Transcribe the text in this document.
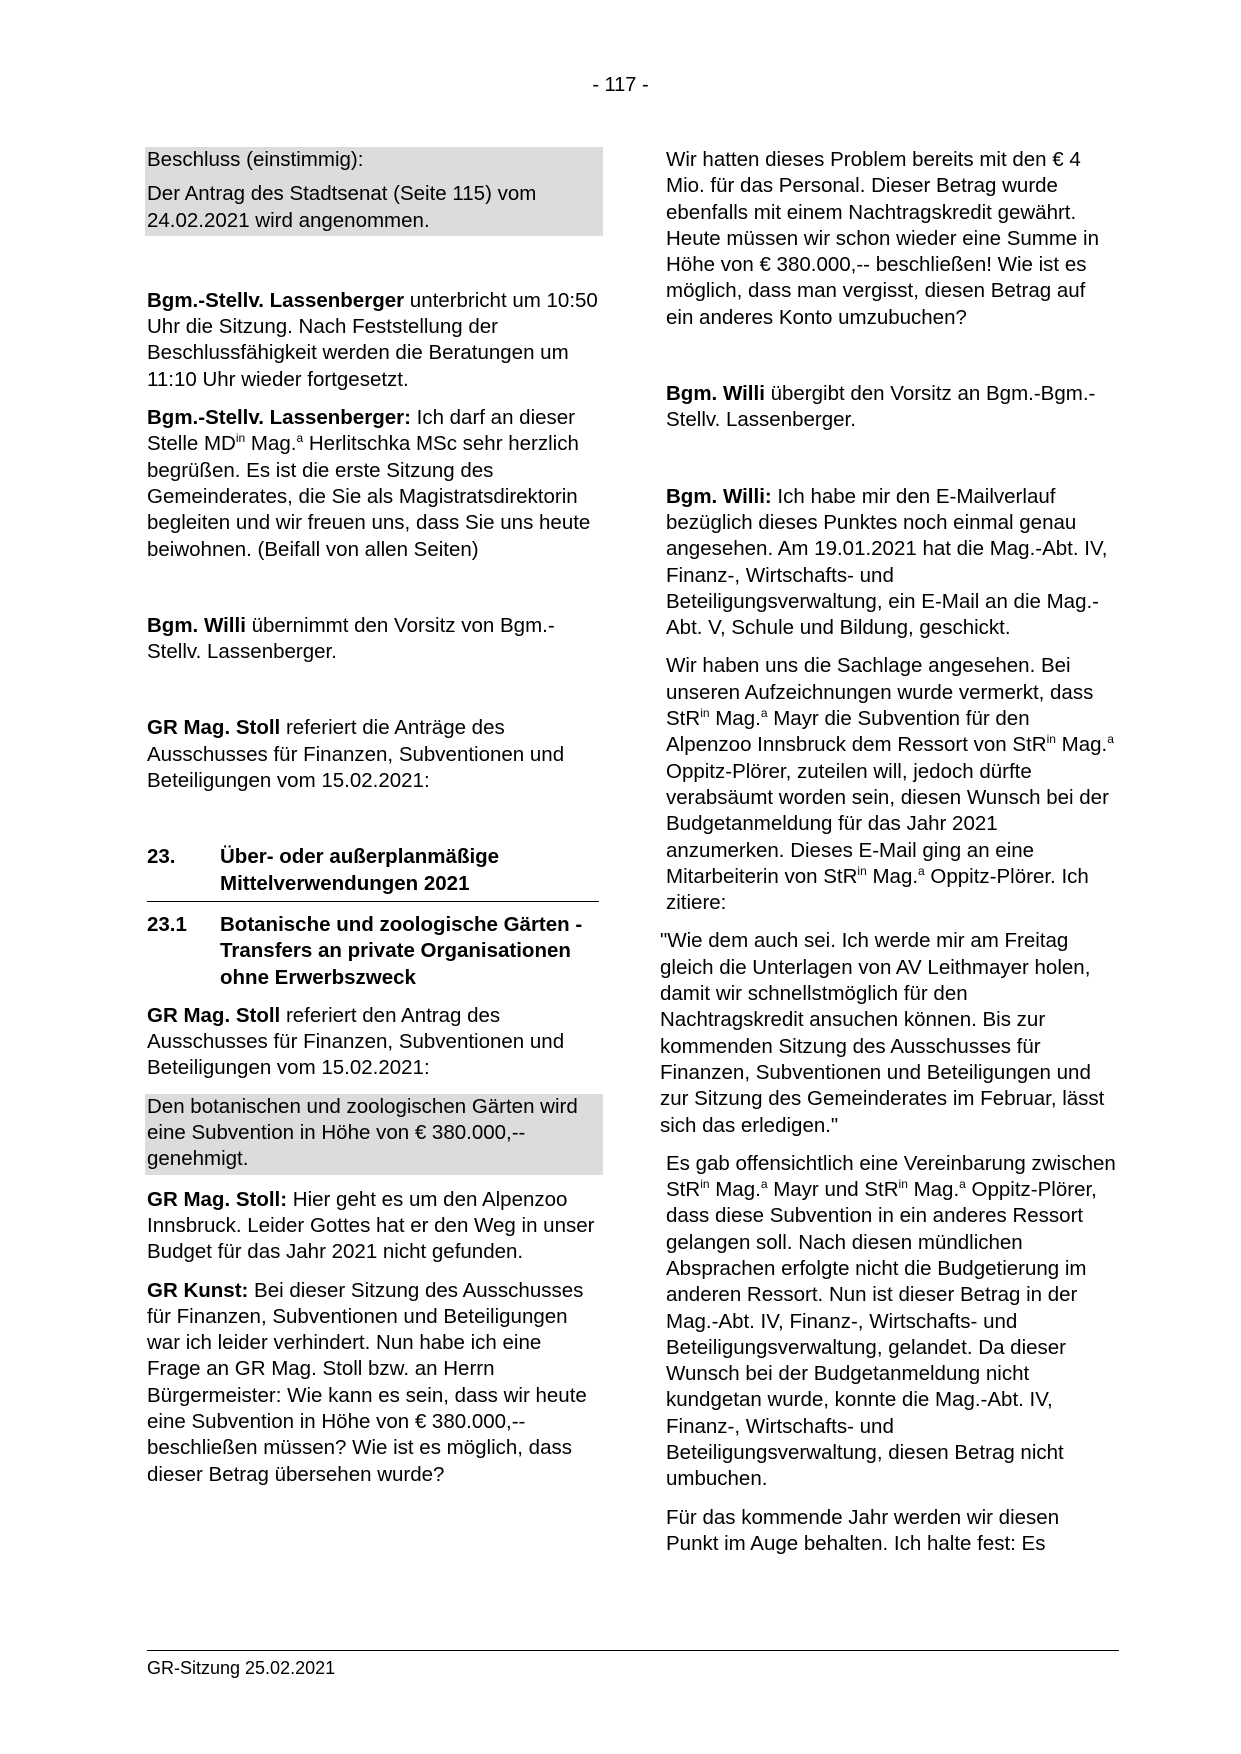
- 117 -
Beschluss (einstimmig):
Der Antrag des Stadtsenat (Seite 115) vom 24.02.2021 wird angenommen.
Bgm.-Stellv. Lassenberger unterbricht um 10:50 Uhr die Sitzung. Nach Feststellung der Beschlussfähigkeit werden die Beratungen um 11:10 Uhr wieder fortgesetzt.
Bgm.-Stellv. Lassenberger: Ich darf an dieser Stelle $MD^{in}$ Mag.$^a$ Herlitschka MSc sehr herzlich begrüßen. Es ist die erste Sitzung des Gemeinderates, die Sie als Magistratsdirektorin begleiten und wir freuen uns, dass Sie uns heute beiwohnen. (Beifall von allen Seiten)
Bgm. Willi übernimmt den Vorsitz von Bgm.-Stellv. Lassenberger.
GR Mag. Stoll referiert die Anträge des Ausschusses für Finanzen, Subventionen und Beteiligungen vom 15.02.2021:
23.	Über- oder außerplanmäßige Mittelverwendungen 2021
23.1	Botanische und zoologische Gärten - Transfers an private Organisationen ohne Erwerbszweck
GR Mag. Stoll referiert den Antrag des Ausschusses für Finanzen, Subventionen und Beteiligungen vom 15.02.2021:
Den botanischen und zoologischen Gärten wird eine Subvention in Höhe von € 380.000,-- genehmigt.
GR Mag. Stoll: Hier geht es um den Alpenzoo Innsbruck. Leider Gottes hat er den Weg in unser Budget für das Jahr 2021 nicht gefunden.
GR Kunst: Bei dieser Sitzung des Ausschusses für Finanzen, Subventionen und Beteiligungen war ich leider verhindert. Nun habe ich eine Frage an GR Mag. Stoll bzw. an Herrn Bürgermeister: Wie kann es sein, dass wir heute eine Subvention in Höhe von € 380.000,-- beschließen müssen? Wie ist es möglich, dass dieser Betrag übersehen wurde?
Wir hatten dieses Problem bereits mit den € 4 Mio. für das Personal. Dieser Betrag wurde ebenfalls mit einem Nachtragskredit gewährt. Heute müssen wir schon wieder eine Summe in Höhe von € 380.000,-- beschließen! Wie ist es möglich, dass man vergisst, diesen Betrag auf ein anderes Konto umzubuchen?
Bgm. Willi übergibt den Vorsitz an Bgm.-Bgm.-Stellv. Lassenberger.
Bgm. Willi: Ich habe mir den E-Mailverlauf bezüglich dieses Punktes noch einmal genau angesehen. Am 19.01.2021 hat die Mag.-Abt. IV, Finanz-, Wirtschafts- und Beteiligungsverwaltung, ein E-Mail an die Mag.-Abt. V, Schule und Bildung, geschickt.
Wir haben uns die Sachlage angesehen. Bei unseren Aufzeichnungen wurde vermerkt, dass StR$^{in}$ Mag.$^a$ Mayr die Subvention für den Alpenzoo Innsbruck dem Ressort von StR$^{in}$ Mag.$^a$ Oppitz-Plörer, zuteilen will, jedoch dürfte verabsäumt worden sein, diesen Wunsch bei der Budgetanmeldung für das Jahr 2021 anzumerken. Dieses E-Mail ging an eine Mitarbeiterin von StR$^{in}$ Mag.$^a$ Oppitz-Plörer. Ich zitiere:
"Wie dem auch sei. Ich werde mir am Freitag gleich die Unterlagen von AV Leithmayer holen, damit wir schnellstmöglich für den Nachtragskredit ansuchen können. Bis zur kommenden Sitzung des Ausschusses für Finanzen, Subventionen und Beteiligungen und zur Sitzung des Gemeinderates im Februar, lässt sich das erledigen."
Es gab offensichtlich eine Vereinbarung zwischen StR$^{in}$ Mag.$^a$ Mayr und StR$^{in}$ Mag.$^a$ Oppitz-Plörer, dass diese Subvention in ein anderes Ressort gelangen soll. Nach diesen mündlichen Absprachen erfolgte nicht die Budgetierung im anderen Ressort. Nun ist dieser Betrag in der Mag.-Abt. IV, Finanz-, Wirtschafts- und Beteiligungsverwaltung, gelandet. Da dieser Wunsch bei der Budgetanmeldung nicht kundgetan wurde, konnte die Mag.-Abt. IV, Finanz-, Wirtschafts- und Beteiligungsverwaltung, diesen Betrag nicht umbuchen.
Für das kommende Jahr werden wir diesen Punkt im Auge behalten. Ich halte fest: Es
GR-Sitzung 25.02.2021
